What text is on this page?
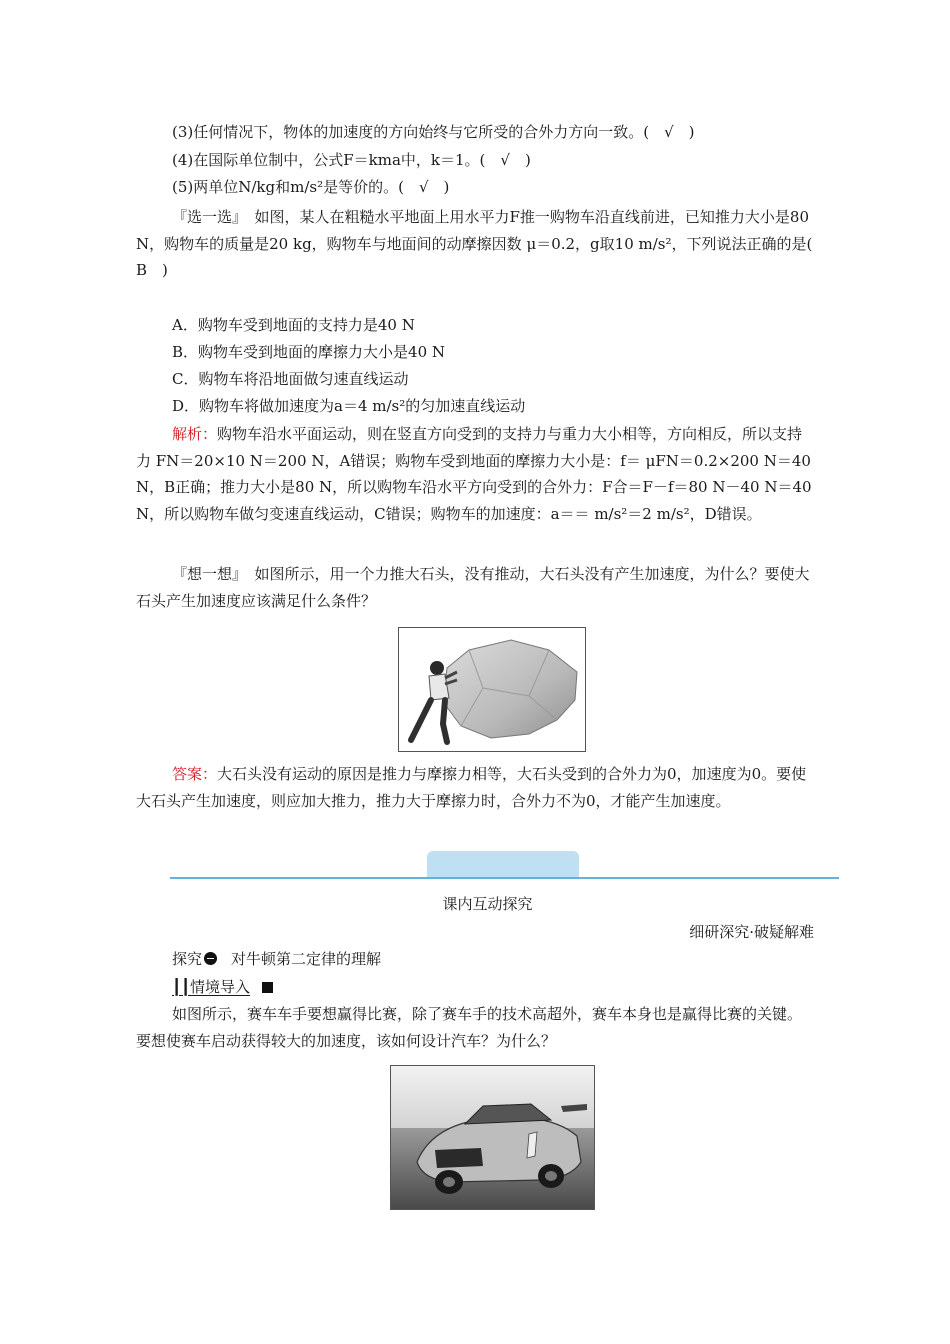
(3)任何情况下，物体的加速度的方向始终与它所受的合外力方向一致。(　√　)
(4)在国际单位制中，公式F＝kma中，k＝1。(　√　)
(5)两单位N/kg和m/s²是等价的。(　√　)
『选一选』　如图，某人在粗糙水平地面上用水平力F推一购物车沿直线前进，已知推力大小是80 N，购物车的质量是20 kg，购物车与地面间的动摩擦因数 μ＝0.2，g取10 m/s²，下列说法正确的是(　B　)
A．购物车受到地面的支持力是40 N
B．购物车受到地面的摩擦力大小是40 N
C．购物车将沿地面做匀速直线运动
D．购物车将做加速度为a＝4 m/s²的匀加速直线运动
解析：购物车沿水平面运动，则在竖直方向受到的支持力与重力大小相等，方向相反，所以支持力 FN＝20×10 N＝200 N，A错误；购物车受到地面的摩擦力大小是：f＝ μFN＝0.2×200 N＝40 N，B正确；推力大小是80 N，所以购物车沿水平方向受到的合外力：F合＝F－f＝80 N－40 N＝40 N，所以购物车做匀变速直线运动，C错误；购物车的加速度：a＝＝ m/s²＝2 m/s²，D错误。
『想一想』　如图所示，用一个力推大石头，没有推动，大石头没有产生加速度，为什么？要使大石头产生加速度应该满足什么条件？
答案：大石头没有运动的原因是推力与摩擦力相等，大石头受到的合外力为0，加速度为0。要使大石头产生加速度，则应加大推力，推力大于摩擦力时，合外力不为0，才能产生加速度。
课内互动探究
细研深究·破疑解难
探究 对牛顿第二定律的理解
┃┃情境导入
如图所示，赛车车手要想赢得比赛，除了赛车手的技术高超外，赛车本身也是赢得比赛的关键。要想使赛车启动获得较大的加速度，该如何设计汽车？为什么？
